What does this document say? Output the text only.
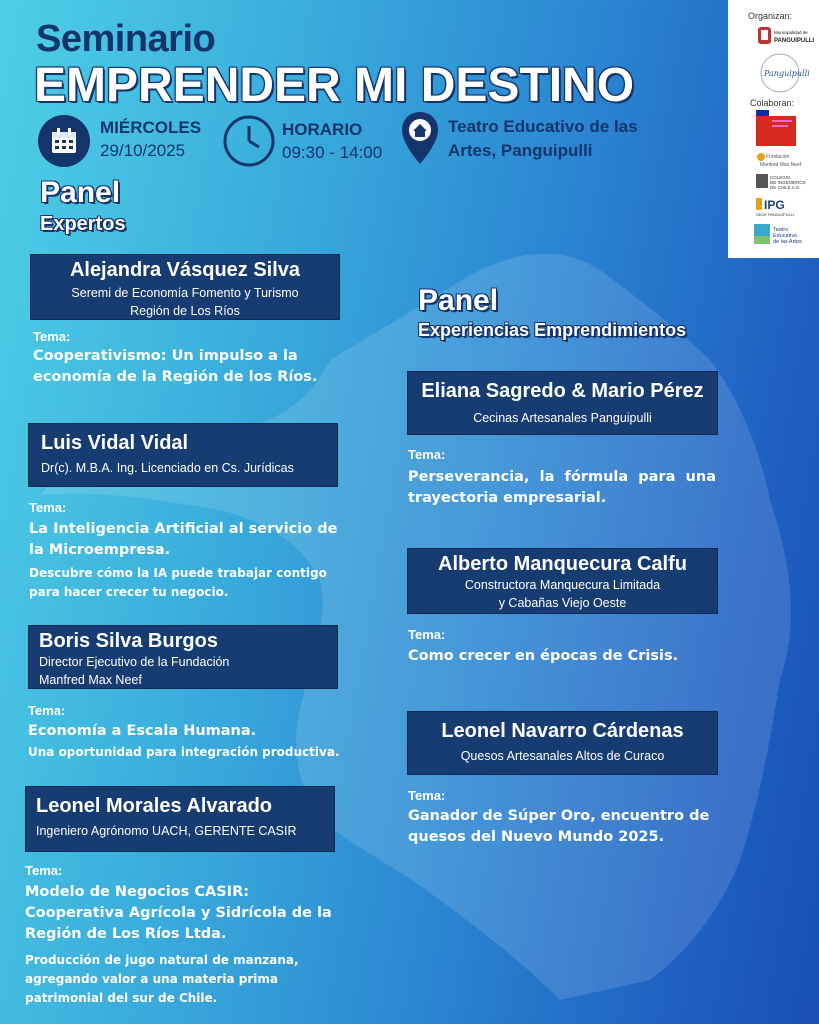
Seminario
EMPRENDER MI DESTINO
MIÉRCOLES
29/10/2025
HORARIO
09:30 - 14:00
Teatro Educativo de las
Artes, Panguipulli
Organizan:
Municipalidad de
PANGUIPULLI
Panguipulli
Colaboran:
Fundación
Manfred Max Neef
COLEGIO
DE INGENIEROS
DE CHILE A.G.
IPG
SEDE PANGUIPULLI
Teatro
Educativo
de las Artes
Panel
Expertos
Alejandra Vásquez Silva
Seremi de Economía Fomento y Turismo
Región de Los Ríos
Tema:
Cooperativismo: Un impulso a la
economía de la Región de los Ríos.
Luis Vidal Vidal
Dr(c). M.B.A. Ing. Licenciado en Cs. Jurídicas
Tema:
La Inteligencia Artificial al servicio de
la Microempresa.
Descubre cómo la IA puede trabajar contigo
para hacer crecer tu negocio.
Boris Silva Burgos
Director Ejecutivo de la Fundación
Manfred Max Neef
Tema:
Economía a Escala Humana.
Una oportunidad para integración productiva.
Leonel Morales Alvarado
Ingeniero Agrónomo UACH, GERENTE CASIR
Tema:
Modelo de Negocios CASIR:
Cooperativa Agrícola y Sidrícola de la
Región de Los Ríos Ltda.
Producción de jugo natural de manzana,
agregando valor a una materia prima
patrimonial del sur de Chile.
Panel
Experiencias Emprendimientos
Eliana Sagredo & Mario Pérez
Cecinas Artesanales Panguipulli
Tema:
Perseverancia, la fórmula para una
trayectoria empresarial.
Alberto Manquecura Calfu
Constructora Manquecura Limitada
y Cabañas Viejo Oeste
Tema:
Como crecer en épocas de Crisis.
Leonel Navarro Cárdenas
Quesos Artesanales Altos de Curaco
Tema:
Ganador de Súper Oro, encuentro de
quesos del Nuevo Mundo 2025.
